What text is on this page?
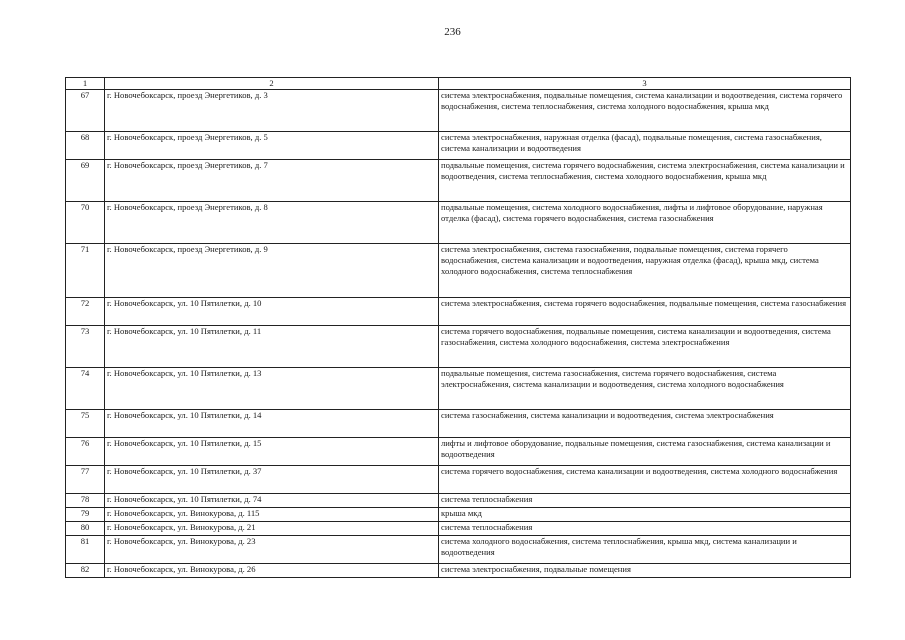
236
1	2	3
67	г. Новочебоксарск, проезд Энергетиков, д. 3	система электроснабжения, подвальные помещения, система канализации и водоотведения, система горячего водоснабжения, система теплоснабжения, система холодного водоснабжения, крыша мкд
68	г. Новочебоксарск, проезд Энергетиков, д. 5	система электроснабжения, наружная отделка (фасад), подвальные помещения, система газоснабжения, система канализации и водоотведения
69	г. Новочебоксарск, проезд Энергетиков, д. 7	подвальные помещения, система горячего водоснабжения, система электроснабжения, система канализации и водоотведения, система теплоснабжения, система холодного водоснабжения, крыша мкд
70	г. Новочебоксарск, проезд Энергетиков, д. 8	подвальные помещения, система холодного водоснабжения, лифты и лифтовое оборудование, наружная отделка (фасад), система горячего водоснабжения, система газоснабжения
71	г. Новочебоксарск, проезд Энергетиков, д. 9	система электроснабжения, система газоснабжения, подвальные помещения, система горячего водоснабжения, система канализации и водоотведения, наружная отделка (фасад), крыша мкд, система холодного водоснабжения, система теплоснабжения
72	г. Новочебоксарск, ул. 10 Пятилетки, д. 10	система электроснабжения, система горячего водоснабжения, подвальные помещения, система газоснабжения
73	г. Новочебоксарск, ул. 10 Пятилетки, д. 11	система горячего водоснабжения, подвальные помещения, система канализации и водоотведения, система газоснабжения, система холодного водоснабжения, система электроснабжения
74	г. Новочебоксарск, ул. 10 Пятилетки, д. 13	подвальные помещения, система газоснабжения, система горячего водоснабжения, система электроснабжения, система канализации и водоотведения, система холодного водоснабжения
75	г. Новочебоксарск, ул. 10 Пятилетки, д. 14	система газоснабжения, система канализации и водоотведения, система электроснабжения
76	г. Новочебоксарск, ул. 10 Пятилетки, д. 15	лифты и лифтовое оборудование, подвальные помещения, система газоснабжения, система канализации и водоотведения
77	г. Новочебоксарск, ул. 10 Пятилетки, д. 37	система горячего водоснабжения, система канализации и водоотведения, система холодного водоснабжения
78	г. Новочебоксарск, ул. 10 Пятилетки, д. 74	система теплоснабжения
79	г. Новочебоксарск, ул. Винокурова, д. 115	крыша мкд
80	г. Новочебоксарск, ул. Винокурова, д. 21	система теплоснабжения
81	г. Новочебоксарск, ул. Винокурова, д. 23	система холодного водоснабжения, система теплоснабжения, крыша мкд, система канализации и водоотведения
82	г. Новочебоксарск, ул. Винокурова, д. 26	система электроснабжения, подвальные помещения
